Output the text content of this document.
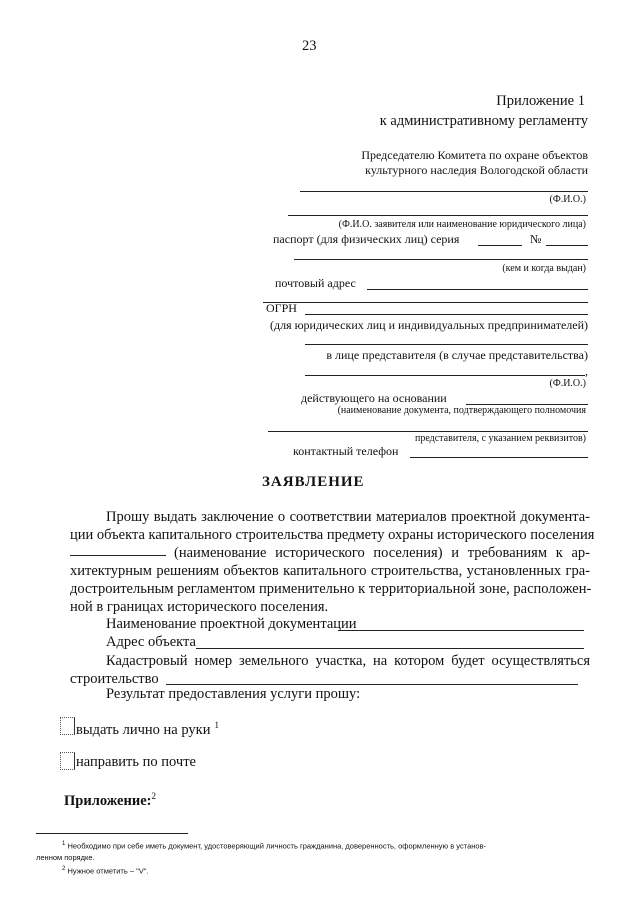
23
Приложение 1
к административному регламенту
Председателю Комитета по охране объектов
культурного наследия Вологодской области
(Ф.И.О.)
(Ф.И.О. заявителя или наименование юридического лица)
паспорт (для физических лиц) серия	№
(кем и когда выдан)
почтовый адрес
ОГРН
(для юридических лиц и индивидуальных предпринимателей)
в лице представителя (в случае представительства)
,
(Ф.И.О.)
действующего на основании
(наименование документа, подтверждающего полномочия
представителя, с указанием реквизитов)
контактный телефон
ЗАЯВЛЕНИЕ
Прошу выдать заключение о соответствии материалов проектной документа-
ции объекта капитального строительства предмету охраны исторического поселения
(наименование исторического поселения) и требованиям к ар-
хитектурным решениям объектов капитального строительства, установленных гра-
достроительным регламентом применительно к территориальной зоне, расположен-
ной в границах исторического поселения.
Наименование проектной документации
Адрес объекта
Кадастровый номер земельного участка, на котором будет осуществляться
строительство
Результат предоставления услуги прошу:
выдать лично на руки $^1$
направить по почте
Приложение:$^2$
$^1$ Необходимо при себе иметь документ, удостоверяющий личность гражданина, доверенность, оформленную в установ-
ленном порядке.
$^2$ Нужное отметить – "V".
